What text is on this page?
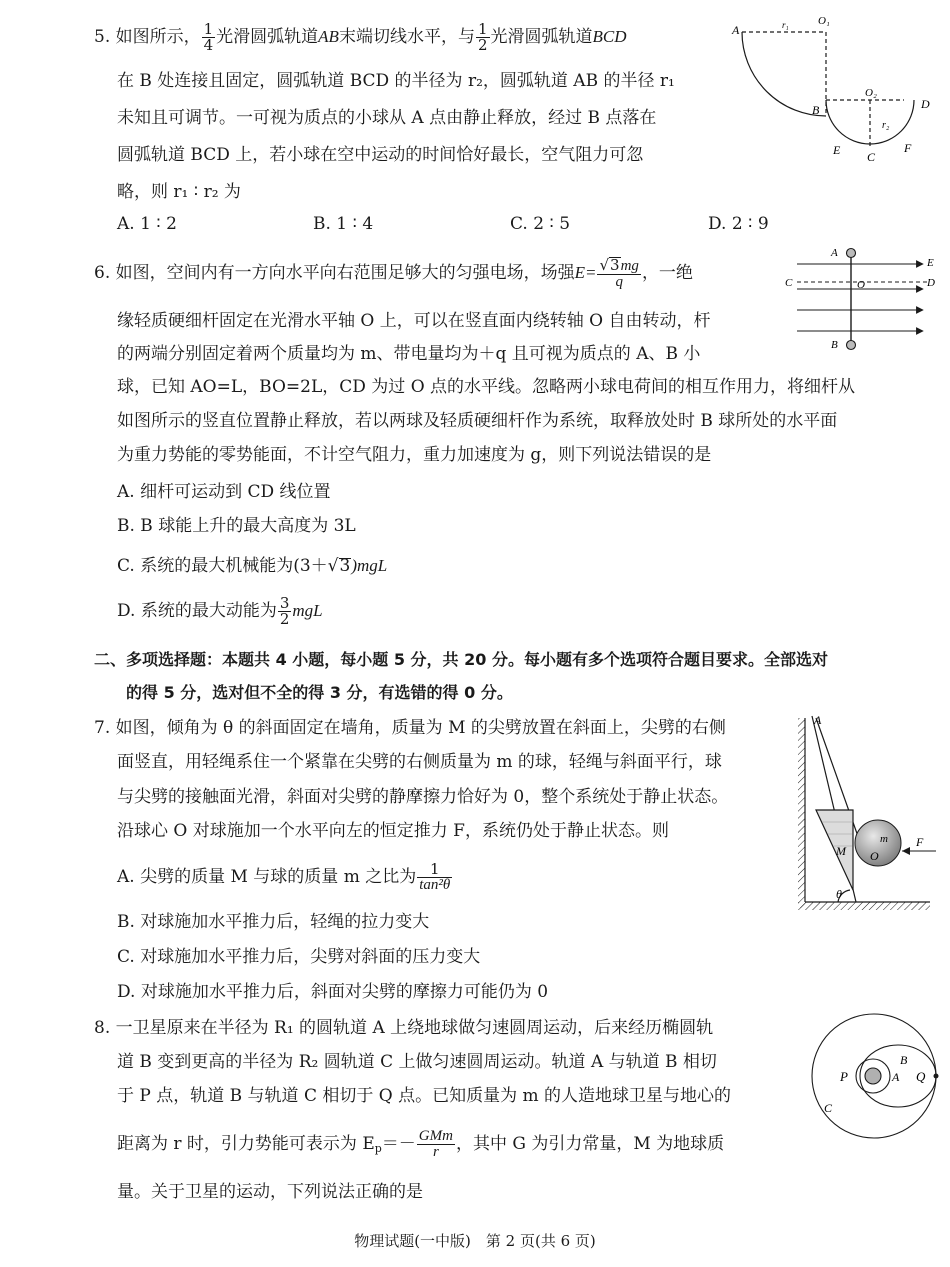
5. 如图所示， $\frac{1}{4}$ 光滑圆弧轨道AB末端切线水平，与 $\frac{1}{2}$ 光滑圆弧轨道BCD
在 B 处连接且固定，圆弧轨道 BCD 的半径为 r₂，圆弧轨道 AB 的半径 r₁
未知且可调节。一可视为质点的小球从 A 点由静止释放，经过 B 点落在
圆弧轨道 BCD 上，若小球在空中运动的时间恰好最长，空气阻力可忽
略，则 r₁ ∶ r₂ 为
A. 1 ∶ 2	B. 1 ∶ 4	C. 2 ∶ 5	D. 2 ∶ 9
A
O₁
r₁
B
O₂
D
r₂
E C
F
6. 如图，空间内有一方向水平向右范围足够大的匀强电场，场强$E= \frac{√3mg}{q}$ ，一绝
缘轻质硬细杆固定在光滑水平轴 O 上，可以在竖直面内绕转轴 O 自由转动，杆
的两端分别固定着两个质量均为 m、带电量均为＋q 且可视为质点的 A、B 小
球，已知 AO=L，BO=2L，CD 为过 O 点的水平线。忽略两小球电荷间的相互作用力，将细杆从
如图所示的竖直位置静止释放，若以两球及轻质硬细杆作为系统，取释放处时 B 球所处的水平面
为重力势能的零势能面，不计空气阻力，重力加速度为 g，则下列说法错误的是
A. 细杆可运动到 CD 线位置
B. B 球能上升的最大高度为 3L
C. 系统的最大机械能为(3＋√3)mgL
D. 系统的最大动能为 $\frac{3}{2}$ mgL
A
B
C	D
E
O
二、多项选择题：本题共 4 小题，每小题 5 分，共 20 分。每小题有多个选项符合题目要求。全部选对
的得 5 分，选对但不全的得 3 分，有选错的得 0 分。
7. 如图，倾角为 θ 的斜面固定在墙角，质量为 M 的尖劈放置在斜面上，尖劈的右侧
面竖直，用轻绳系住一个紧靠在尖劈的右侧质量为 m 的球，轻绳与斜面平行，球
与尖劈的接触面光滑，斜面对尖劈的静摩擦力恰好为 0，整个系统处于静止状态。
沿球心 O 对球施加一个水平向左的恒定推力 F，系统仍处于静止状态。则
A. 尖劈的质量 M 与球的质量 m 之比为 $\frac{1}{\text{tan²θ}}$
B. 对球施加水平推力后，轻绳的拉力变大
C. 对球施加水平推力后，尖劈对斜面的压力变大
D. 对球施加水平推力后，斜面对尖劈的摩擦力可能仍为 0
A
M
m
O
F
θ
8. 一卫星原来在半径为 R₁ 的圆轨道 A 上绕地球做匀速圆周运动，后来经历椭圆轨
道 B 变到更高的半径为 R₂ 圆轨道 C 上做匀速圆周运动。轨道 A 与轨道 B 相切
于 P 点，轨道 B 与轨道 C 相切于 Q 点。已知质量为 m 的人造地球卫星与地心的
距离为 r 时，引力势能可表示为 $E_p=- \frac{\text{GMm}}{r}$ ，其中 G 为引力常量，M 为地球质
量。关于卫星的运动，下列说法正确的是
P	A
B
Q
C
物理试题(一中版)　第 2 页(共 6 页)
